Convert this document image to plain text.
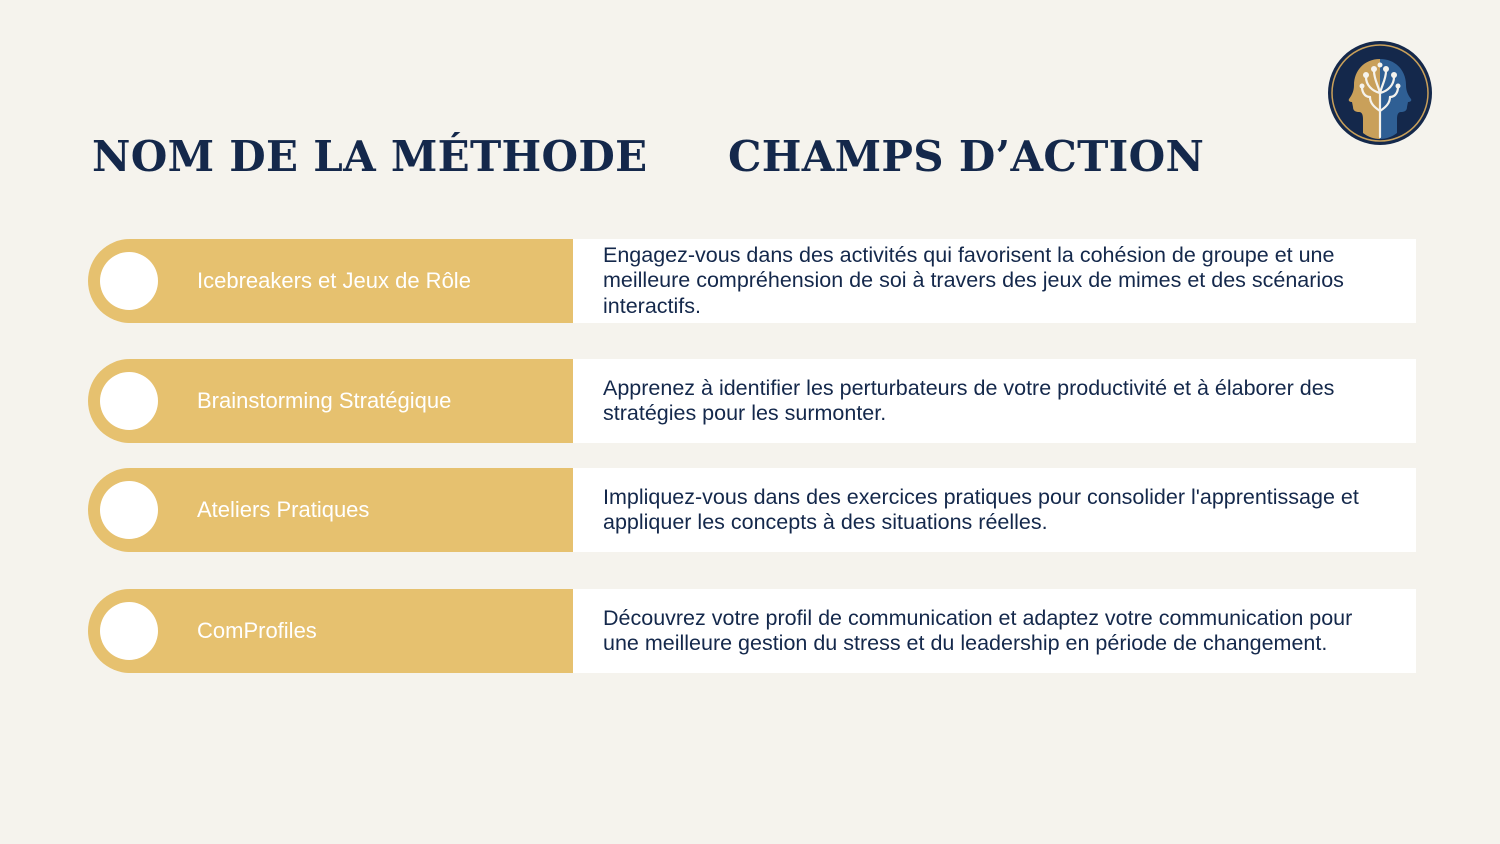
NOM DE LA MÉTHODE CHAMPS D’ACTION
Icebreakers et Jeux de Rôle

Engagez-vous dans des activités qui favorisent la cohésion de groupe et une meilleure compréhension de soi à travers des jeux de mimes et des scénarios interactifs.

Brainstorming Stratégique

Apprenez à identifier les perturbateurs de votre productivité et à élaborer des stratégies pour les surmonter.

Ateliers Pratiques

Impliquez-vous dans des exercices pratiques pour consolider l'apprentissage et appliquer les concepts à des situations réelles.

ComProfiles

Découvrez votre profil de communication et adaptez votre communication pour une meilleure gestion du stress et du leadership en période de changement.
